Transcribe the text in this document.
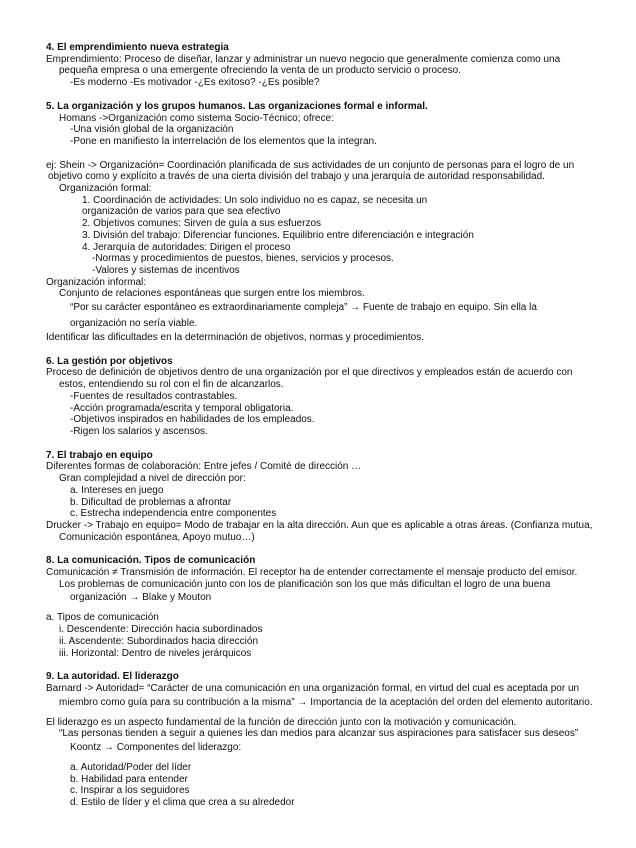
4. El emprendimiento nueva estrategia
Emprendimiento: Proceso de diseñar, lanzar y administrar un nuevo negocio que generalmente comienza como una
pequeña empresa o una emergente ofreciendo la venta de un producto servicio o proceso.
-Es moderno -Es motivador -¿Es exitoso? -¿Es posible?
5. La organización y los grupos humanos. Las organizaciones formal e informal.
Homans ->Organización como sistema Socio-Técnico; ofrece:
-Una visión global de la organización
-Pone en manifiesto la interrelación de los elementos que la integran.
ej: Shein -> Organización= Coordinación planificada de sus actividades de un conjunto de personas para el logro de un
objetivo como y explícito a través de una cierta división del trabajo y una jerarquía de autoridad responsabilidad.
Organización formal:
1. Coordinación de actividades: Un solo individuo no es capaz, se necesita un
organización de varios para que sea efectivo
2. Objetivos comunes: Sirven de guía a sus esfuerzos
3. División del trabajo: Diferenciar funciones. Equilibrio entre diferenciación e integración
4. Jerarquía de autoridades: Dirigen el proceso
-Normas y procedimientos de puestos, bienes, servicios y procesos.
-Valores y sistemas de incentivos
Organización informal:
Conjunto de relaciones espontáneas que surgen entre los miembros.
“Por su carácter espontáneo es extraordinariamente compleja” → Fuente de trabajo en equipo. Sin ella la
organización no sería viable.
Identificar las dificultades en la determinación de objetivos, normas y procedimientos.
6. La gestión por objetivos
Proceso de definición de objetivos dentro de una organización por el que directivos y empleados están de acuerdo con
estos, entendiendo su rol con el fin de alcanzarlos.
-Fuentes de resultados contrastables.
-Acción programada/escrita y temporal obligatoria.
-Objetivos inspirados en habilidades de los empleados.
-Rigen los salarios y ascensos.
7. El trabajo en equipo
Diferentes formas de colaboración: Entre jefes / Comité de dirección …
Gran complejidad a nivel de dirección por:
a. Intereses en juego
b. Dificultad de problemas a afrontar
c. Estrecha independencia entre componentes
Drucker -> Trabajo en equipo= Modo de trabajar en la alta dirección. Aun que es aplicable a otras áreas. (Confianza mutua,
Comunicación espontánea, Apoyo mutuo…)
8. La comunicación. Tipos de comunicación
Comunicación ≠ Transmisión de información. El receptor ha de entender correctamente el mensaje producto del emisor.
Los problemas de comunicación junto con los de planificación son los que más dificultan el logro de una buena
organización → Blake y Mouton
a. Tipos de comunicación
i. Descendente: Dirección hacia subordinados
ii. Ascendente: Subordinados hacia dirección
iii. Horizontal: Dentro de niveles jerárquicos
9. La autoridad. El liderazgo
Barnard -> Autoridad= “Carácter de una comunicación en una organización formal, en virtud del cual es aceptada por un
miembro como guía para su contribución a la misma” → Importancia de la aceptación del orden del elemento autoritario.
El liderazgo es un aspecto fundamental de la función de dirección junto con la motivación y comunicación.
“Las personas tienden a seguir a quienes les dan medios para alcanzar sus aspiraciones para satisfacer sus deseos”
Koontz → Componentes del liderazgo:
a. Autoridad/Poder del líder
b. Habilidad para entender
c. Inspirar a los seguidores
d. Estilo de líder y el clima que crea a su alrededor
